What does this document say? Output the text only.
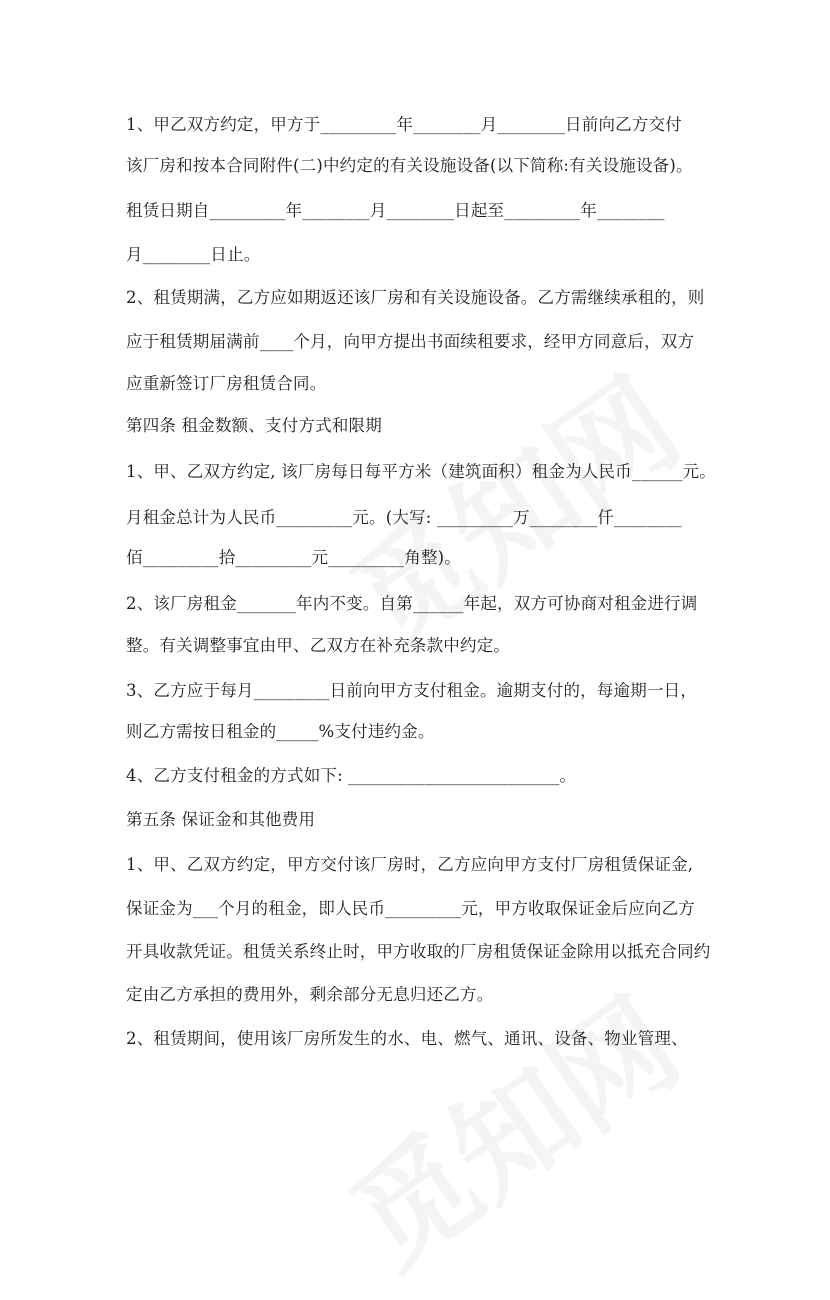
1、甲乙双方约定，甲方于_________年________月________日前向乙方交付
该厂房和按本合同附件(二)中约定的有关设施设备(以下简称:有关设施设备)。
租赁日期自_________年________月________日起至_________年________
月________日止。
2、租赁期满，乙方应如期返还该厂房和有关设施设备。乙方需继续承租的，则
应于租赁期届满前____个月，向甲方提出书面续租要求，经甲方同意后，双方
应重新签订厂房租赁合同。
第四条 租金数额、支付方式和限期
1、甲、乙双方约定, 该厂房每日每平方米（建筑面积）租金为人民币______元。
月租金总计为人民币_________元。(大写: _________万________仟________
佰_________拾_________元_________角整)。
2、该厂房租金_______年内不变。自第______年起，双方可协商对租金进行调
整。有关调整事宜由甲、乙双方在补充条款中约定。
3、乙方应于每月_________日前向甲方支付租金。逾期支付的，每逾期一日，
则乙方需按日租金的_____%支付违约金。
4、乙方支付租金的方式如下: _________________________。
第五条 保证金和其他费用
1、甲、乙双方约定，甲方交付该厂房时，乙方应向甲方支付厂房租赁保证金,
保证金为___个月的租金，即人民币_________元，甲方收取保证金后应向乙方
开具收款凭证。租赁关系终止时，甲方收取的厂房租赁保证金除用以抵充合同约
定由乙方承担的费用外，剩余部分无息归还乙方。
2、租赁期间，使用该厂房所发生的水、电、燃气、通讯、设备、物业管理、
